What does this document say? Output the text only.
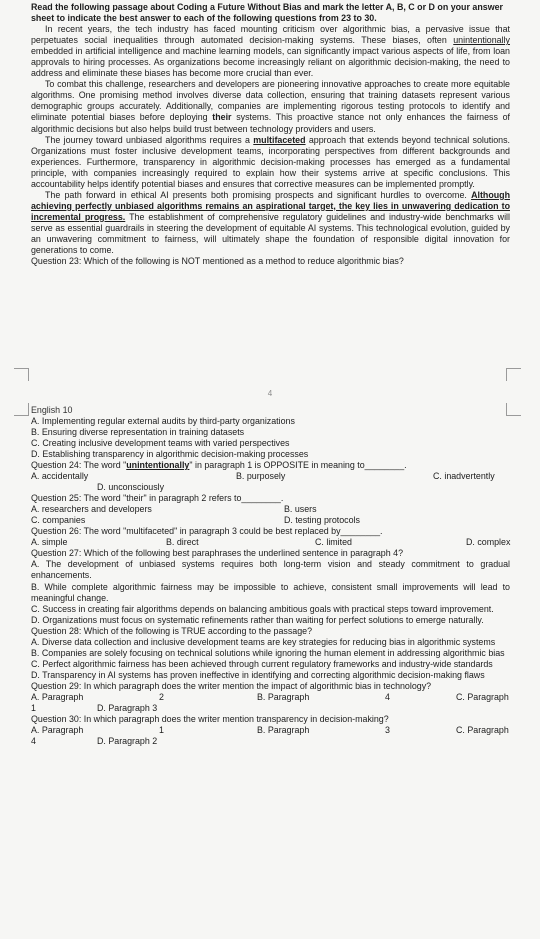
Read the following passage about Coding a Future Without Bias and mark the letter A, B, C or D on your answer sheet to indicate the best answer to each of the following questions from 23 to 30.

In recent years, the tech industry has faced mounting criticism over algorithmic bias, a pervasive issue that perpetuates social inequalities through automated decision-making systems. These biases, often unintentionally embedded in artificial intelligence and machine learning models, can significantly impact various aspects of life, from loan approvals to hiring processes. As organizations become increasingly reliant on algorithmic decision-making, the need to address and eliminate these biases has become more crucial than ever.

To combat this challenge, researchers and developers are pioneering innovative approaches to create more equitable algorithms. One promising method involves diverse data collection, ensuring that training datasets represent various demographic groups accurately. Additionally, companies are implementing rigorous testing protocols to identify and eliminate potential biases before deploying their systems. This proactive stance not only enhances the fairness of algorithmic decisions but also helps build trust between technology providers and users.

The journey toward unbiased algorithms requires a multifaceted approach that extends beyond technical solutions. Organizations must foster inclusive development teams, incorporating perspectives from different backgrounds and experiences. Furthermore, transparency in algorithmic decision-making processes has emerged as a fundamental principle, with companies increasingly required to explain how their systems arrive at specific conclusions. This accountability helps identify potential biases and ensures that corrective measures can be implemented promptly.

The path forward in ethical AI presents both promising prospects and significant hurdles to overcome. Although achieving perfectly unbiased algorithms remains an aspirational target, the key lies in unwavering dedication to incremental progress. The establishment of comprehensive regulatory guidelines and industry-wide benchmarks will serve as essential guardrails in steering the development of equitable AI systems. This technological evolution, guided by an unwavering commitment to fairness, will ultimately shape the foundation of responsible digital innovation for generations to come.

Question 23: Which of the following is NOT mentioned as a method to reduce algorithmic bias?

4

English 10

A. Implementing regular external audits by third-party organizations

B. Ensuring diverse representation in training datasets

C. Creating inclusive development teams with varied perspectives

D. Establishing transparency in algorithmic decision-making processes

Question 24: The word "unintentionally" in paragraph 1 is OPPOSITE in meaning to________.

A. accidentally	B. purposely	C. inadvertently
D. unconsciously

Question 25: The word "their" in paragraph 2 refers to________.

A. researchers and developers	B. users
C. companies	D. testing protocols

Question 26: The word "multifaceted" in paragraph 3 could be best replaced by________.

A. simple	B. direct	C. limited	D. complex

Question 27: Which of the following best paraphrases the underlined sentence in paragraph 4?

A. The development of unbiased systems requires both long-term vision and steady commitment to gradual enhancements.

B. While complete algorithmic fairness may be impossible to achieve, consistent small improvements will lead to meaningful change.

C. Success in creating fair algorithms depends on balancing ambitious goals with practical steps toward improvement.

D. Organizations must focus on systematic refinements rather than waiting for perfect solutions to emerge naturally.

Question 28: Which of the following is TRUE according to the passage?

A. Diverse data collection and inclusive development teams are key strategies for reducing bias in algorithmic systems

B. Companies are solely focusing on technical solutions while ignoring the human element in addressing algorithmic bias

C. Perfect algorithmic fairness has been achieved through current regulatory frameworks and industry-wide standards

D. Transparency in AI systems has proven ineffective in identifying and correcting algorithmic decision-making flaws

Question 29: In which paragraph does the writer mention the impact of algorithmic bias in technology?

A. Paragraph	2	B. Paragraph	4	C. Paragraph
1	D. Paragraph 3

Question 30: In which paragraph does the writer mention transparency in decision-making?

A. Paragraph	1	B. Paragraph	3	C. Paragraph
4	D. Paragraph 2
